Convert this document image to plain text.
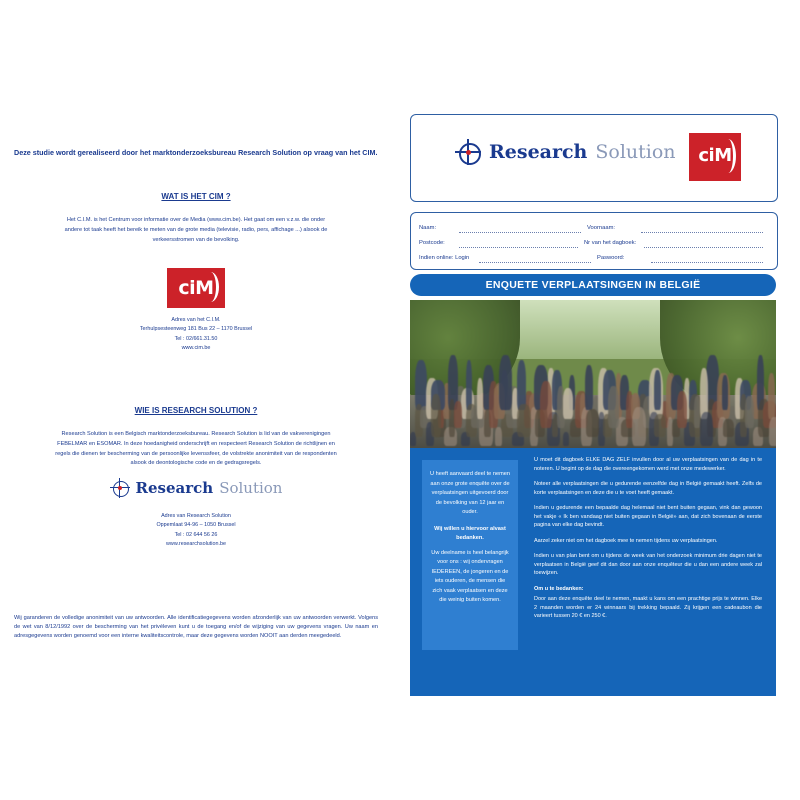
Deze studie wordt gerealiseerd door het marktonderzoeksbureau Research Solution op vraag van het CIM.
WAT IS HET CIM ?
Het C.I.M. is het Centrum voor informatie over de Media (www.cim.be). Het gaat om een v.z.w. die onder andere tot taak heeft het bereik te meten van de grote media (televisie, radio, pers, affichage ...) alsook de verkeersstromen van de bevolking.
ciM
Adres van het C.I.M.
Terhulpsesteenweg 181 Bus 22 – 1170 Brussel
Tel : 02/661.31.50
www.cim.be
WIE IS RESEARCH SOLUTION ?
Research Solution is een Belgisch marktonderzoeksbureau. Research Solution is lid van de vakverenigingen FEBELMAR en ESOMAR. In deze hoedanigheid onderschrijft en respecteert Research Solution de richtlijnen en regels die dienen ter bescherming van de persoonlijke levenssfeer, de volstrekte anonimiteit van de respondenten alsook de deontologische code en de gedragsregels.
Research Solution
Adres van Research Solution
Oppemlaat 94-96 – 1050 Brussel
Tel : 02 644 56 26
www.researchsolution.be
Wij garanderen de volledige anonimiteit van uw antwoorden. Alle identificatiegegevens worden afzonderlijk van uw antwoorden verwerkt. Volgens de wet van 8/12/1992 over de bescherming van het privéleven kunt u de toegang en/of de wijziging van uw gegevens vragen. Uw naam en adresgegevens worden genoemd voor een interne kwaliteitscontrole, maar deze gegevens worden NOOIT aan derden meegedeeld.
Research Solution	ciM
Naam:	Voornaam:
Postcode:	Nr van het dagboek:
Indien online: Login	Paswoord:
ENQUETE VERPLAATSINGEN IN BELGIË
U heeft aanvaard deel te nemen aan onze grote enquête over de verplaatsingen uitgevoerd door de bevolking van 12 jaar en ouder.
Wij willen u hiervoor alvast bedanken.
Uw deelname is heel belangrijk voor ons : wij ondervragen IEDEREEN, de jongeren en de iets ouderen, de mensen die zich vaak verplaatsen en deze die weinig buiten komen.

U moet dit dagboek ELKE DAG ZELF invullen door al uw verplaatsingen van de dag in te noteren. U begint op de dag die overeengekomen werd met onze medewerker.

Noteer alle verplaatsingen die u gedurende eenzelfde dag in België gemaakt heeft. Zelfs de korte verplaatsingen en deze die u te voet heeft gemaakt.

Indien u gedurende een bepaalde dag helemaal niet bent buiten gegaan, vink dan gewoon het vakje « Ik ben vandaag niet buiten gegaan in België» aan, dat zich bovenaan de eerste pagina van elke dag bevindt.

Aarzel zeker niet om het dagboek mee te nemen tijdens uw verplaatsingen.

Indien u van plan bent om u tijdens de week van het onderzoek minimum drie dagen niet te verplaatsen in België geef dit dan door aan onze enquêteur die u dan een andere week zal toewijzen.

Om u te bedanken:

Door aan deze enquête deel te nemen, maakt u kans om een prachtige prijs te winnen. Elke 2 maanden worden er 24 winnaars bij trekking bepaald. Zij krijgen een cadeaubon die varieert tussen 20 € en 250 €.
